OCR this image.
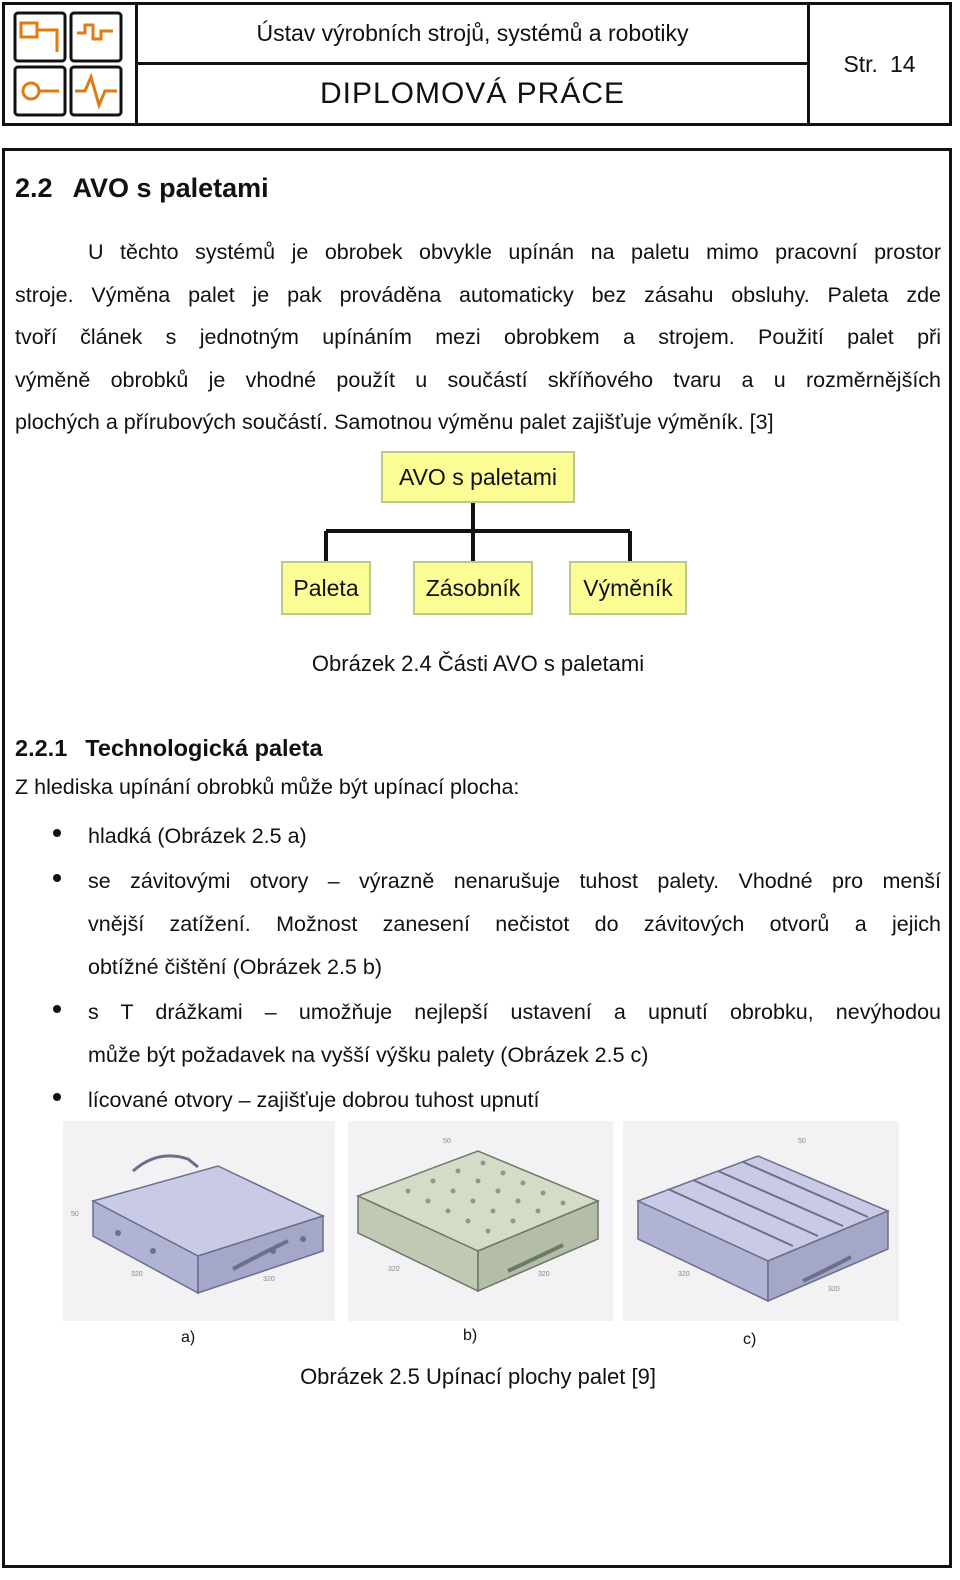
Ústav výrobních strojů, systémů a robotiky
DIPLOMOVÁ PRÁCE
Str. 14
2.2 AVO s paletami
U těchto systémů je obrobek obvykle upínán na paletu mimo pracovní prostor
stroje. Výměna palet je pak prováděna automaticky bez zásahu obsluhy. Paleta zde
tvoří článek s jednotným upínáním mezi obrobkem a strojem. Použití palet při
výměně obrobků je vhodné použít u součástí skříňového tvaru a u rozměrnějších
plochých a přírubových součástí. Samotnou výměnu palet zajišťuje výměník. [3]
AVO s paletami
Paleta	Zásobník	Výměník
Obrázek 2.4 Části AVO s paletami
2.2.1 Technologická paleta
Z hlediska upínání obrobků může být upínací plocha:
hladká (Obrázek 2.5 a)
se závitovými otvory – výrazně nenarušuje tuhost palety. Vhodné pro menší
vnější zatížení. Možnost zanesení nečistot do závitových otvorů a jejich
obtížné čištění (Obrázek 2.5 b)
s T drážkami – umožňuje nejlepší ustavení a upnutí obrobku, nevýhodou
může být požadavek na vyšší výšku palety (Obrázek 2.5 c)
lícované otvory – zajišťuje dobrou tuhost upnutí
50
320
320
50
320
320
50
320
320
a)	b)	c)
Obrázek 2.5 Upínací plochy palet [9]
